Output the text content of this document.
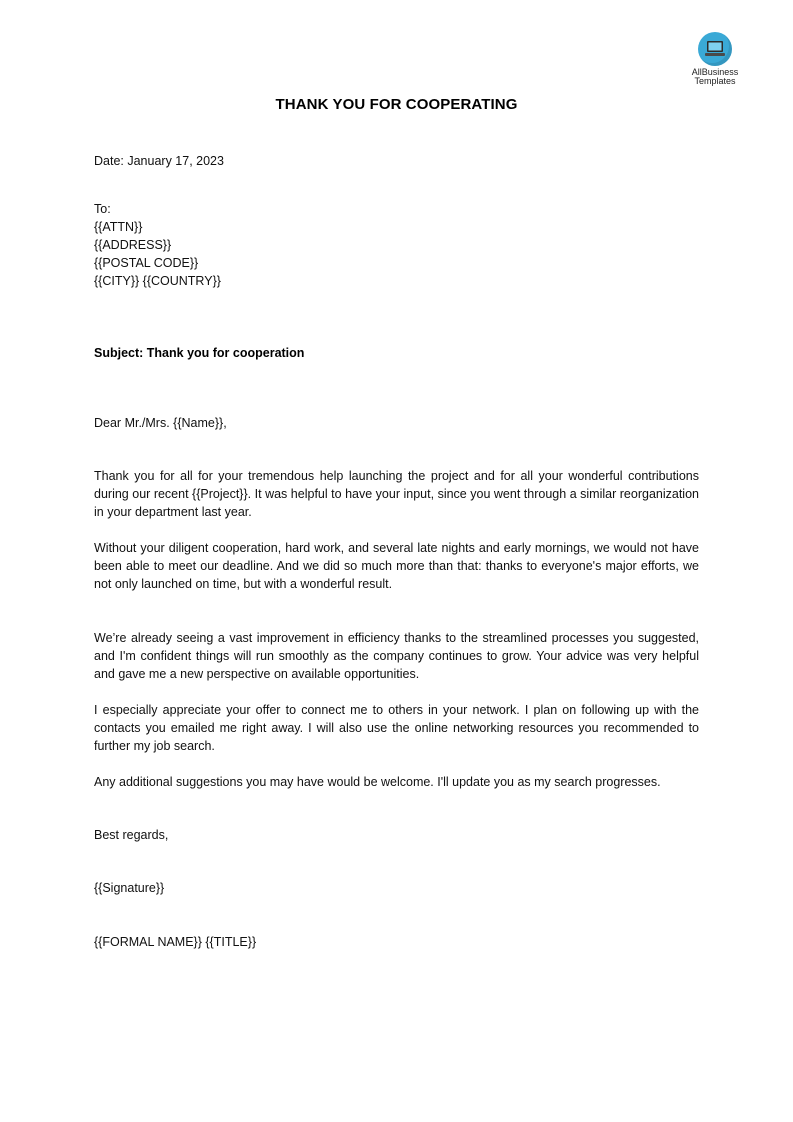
AllBusiness
Templates
THANK YOU FOR COOPERATING
Date: January 17, 2023
To:
{{ATTN}}
{{ADDRESS}}
{{POSTAL CODE}}
{{CITY}} {{COUNTRY}}
Subject: Thank you for cooperation
Dear Mr./Mrs. {{Name}},

Thank you for all for your tremendous help launching the project and for all your wonderful contributions during our recent {{Project}}. It was helpful to have your input, since you went through a similar reorganization in your department last year.

Without your diligent cooperation, hard work, and several late nights and early mornings, we would not have been able to meet our deadline. And we did so much more than that: thanks to everyone's major efforts, we not only launched on time, but with a wonderful result.

We’re already seeing a vast improvement in efficiency thanks to the streamlined processes you suggested, and I'm confident things will run smoothly as the company continues to grow. Your advice was very helpful and gave me a new perspective on available opportunities.

I especially appreciate your offer to connect me to others in your network. I plan on following up with the contacts you emailed me right away. I will also use the online networking resources you recommended to further my job search.

Any additional suggestions you may have would be welcome. I'll update you as my search progresses.

Best regards,
{{Signature}}
{{FORMAL NAME}} {{TITLE}}
